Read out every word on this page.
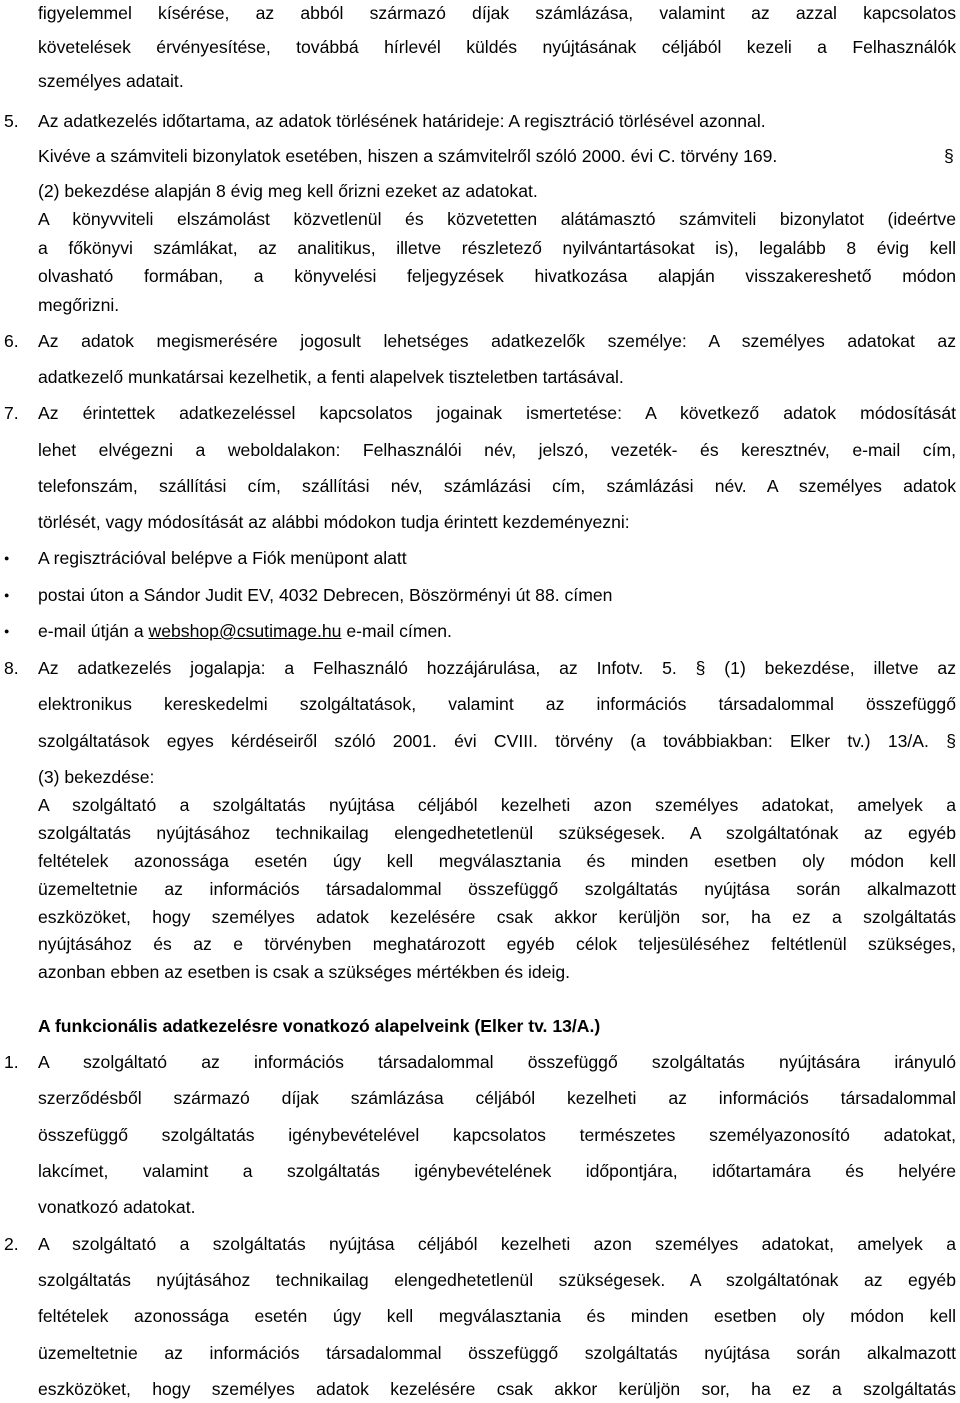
figyelemmel kísérése, az abból származó díjak számlázása, valamint az azzal kapcsolatos
követelések érvényesítése, továbbá hírlevél küldés nyújtásának céljából kezeli a Felhasználók
személyes adatait.
5. Az adatkezelés időtartama, az adatok törlésének határideje: A regisztráció törlésével azonnal.
Kivéve a számviteli bizonylatok esetében, hiszen a számvitelről szóló 2000. évi C. törvény 169.	§
(2) bekezdése alapján 8 évig meg kell őrizni ezeket az adatokat.
A könyvviteli elszámolást közvetlenül és közvetetten alátámasztó számviteli bizonylatot (ideértve
a főkönyvi számlákat, az analitikus, illetve részletező nyilvántartásokat is), legalább 8 évig kell
olvasható formában, a könyvelési feljegyzések hivatkozása alapján visszakereshető módon
megőrizni.
6. Az adatok megismerésére jogosult lehetséges adatkezelők személye: A személyes adatokat az
adatkezelő munkatársai kezelhetik, a fenti alapelvek tiszteletben tartásával.
7. Az érintettek adatkezeléssel kapcsolatos jogainak ismertetése: A következő adatok módosítását
lehet elvégezni a weboldalakon: Felhasználói név, jelszó, vezeték- és keresztnév, e-mail cím,
telefonszám, szállítási cím, szállítási név, számlázási cím, számlázási név. A személyes adatok
törlését, vagy módosítását az alábbi módokon tudja érintett kezdeményezni:
● A regisztrációval belépve a Fiók menüpont alatt
● postai úton a Sándor Judit EV, 4032 Debrecen, Böszörményi út 88. címen
● e-mail útján a webshop@csutimage.hu e-mail címen.
8. Az adatkezelés jogalapja: a Felhasználó hozzájárulása, az Infotv. 5. § (1) bekezdése, illetve az
elektronikus kereskedelmi szolgáltatások, valamint az információs társadalommal összefüggő
szolgáltatások egyes kérdéseiről szóló 2001. évi CVIII. törvény (a továbbiakban: Elker tv.) 13/A. §
(3) bekezdése:
A szolgáltató a szolgáltatás nyújtása céljából kezelheti azon személyes adatokat, amelyek a
szolgáltatás nyújtásához technikailag elengedhetetlenül szükségesek. A szolgáltatónak az egyéb
feltételek azonossága esetén úgy kell megválasztania és minden esetben oly módon kell
üzemeltetnie az információs társadalommal összefüggő szolgáltatás nyújtása során alkalmazott
eszközöket, hogy személyes adatok kezelésére csak akkor kerüljön sor, ha ez a szolgáltatás
nyújtásához és az e törvényben meghatározott egyéb célok teljesüléséhez feltétlenül szükséges,
azonban ebben az esetben is csak a szükséges mértékben és ideig.
A funkcionális adatkezelésre vonatkozó alapelveink (Elker tv. 13/A.)
1. A szolgáltató az információs társadalommal összefüggő szolgáltatás nyújtására irányuló
szerződésből származó díjak számlázása céljából kezelheti az információs társadalommal
összefüggő szolgáltatás igénybevételével kapcsolatos természetes személyazonosító adatokat,
lakcímet, valamint a szolgáltatás igénybevételének időpontjára, időtartamára és helyére
vonatkozó adatokat.
2. A szolgáltató a szolgáltatás nyújtása céljából kezelheti azon személyes adatokat, amelyek a
szolgáltatás nyújtásához technikailag elengedhetetlenül szükségesek. A szolgáltatónak az egyéb
feltételek azonossága esetén úgy kell megválasztania és minden esetben oly módon kell
üzemeltetnie az információs társadalommal összefüggő szolgáltatás nyújtása során alkalmazott
eszközöket, hogy személyes adatok kezelésére csak akkor kerüljön sor, ha ez a szolgáltatás
